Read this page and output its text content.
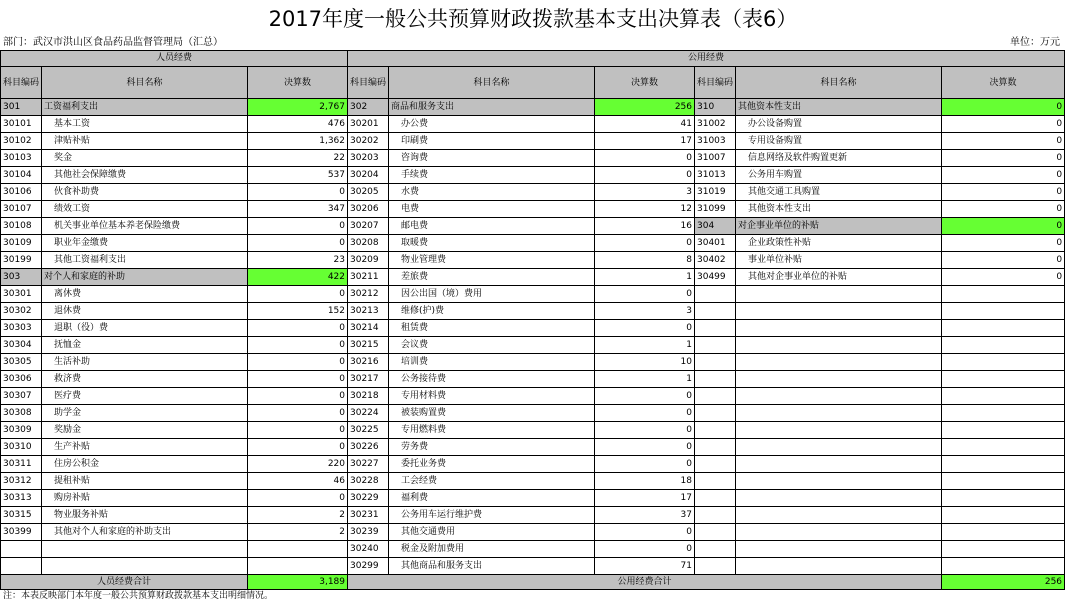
2017年度一般公共预算财政拨款基本支出决算表（表6）
部门：武汉市洪山区食品药品监督管理局（汇总）	单位：万元
人员经费			公用经费					
科目编码	科目名称	决算数	科目编码	科目名称	决算数	科目编码	科目名称	决算数
301	工资福利支出	2,767	302	商品和服务支出	256	310	其他资本性支出	0
30101	基本工资	476	30201	办公费	41	31002	办公设备购置	0
30102	津贴补贴	1,362	30202	印刷费	17	31003	专用设备购置	0
30103	奖金	22	30203	咨询费	0	31007	信息网络及软件购置更新	0
30104	其他社会保障缴费	537	30204	手续费	0	31013	公务用车购置	0
30106	伙食补助费	0	30205	水费	3	31019	其他交通工具购置	0
30107	绩效工资	347	30206	电费	12	31099	其他资本性支出	0
30108	机关事业单位基本养老保险缴费	0	30207	邮电费	16	304	对企事业单位的补贴	0
30109	职业年金缴费	0	30208	取暖费	0	30401	企业政策性补贴	0
30199	其他工资福利支出	23	30209	物业管理费	8	30402	事业单位补贴	0
303	对个人和家庭的补助	422	30211	差旅费	1	30499	其他对企事业单位的补贴	0
30301	离休费	0	30212	因公出国（境）费用	0			
30302	退休费	152	30213	维修(护)费	3			
30303	退职（役）费	0	30214	租赁费	0			
30304	抚恤金	0	30215	会议费	1			
30305	生活补助	0	30216	培训费	10			
30306	救济费	0	30217	公务接待费	1			
30307	医疗费	0	30218	专用材料费	0			
30308	助学金	0	30224	被装购置费	0			
30309	奖励金	0	30225	专用燃料费	0			
30310	生产补贴	0	30226	劳务费	0			
30311	住房公积金	220	30227	委托业务费	0			
30312	提租补贴	46	30228	工会经费	18			
30313	购房补贴	0	30229	福利费	17			
30315	物业服务补贴	2	30231	公务用车运行维护费	37			
30399	其他对个人和家庭的补助支出	2	30239	其他交通费用	0			
			30240	税金及附加费用	0			
			30299	其他商品和服务支出	71			
人员经费合计		3,189	公用经费合计					256
注：本表反映部门本年度一般公共预算财政拨款基本支出明细情况。
